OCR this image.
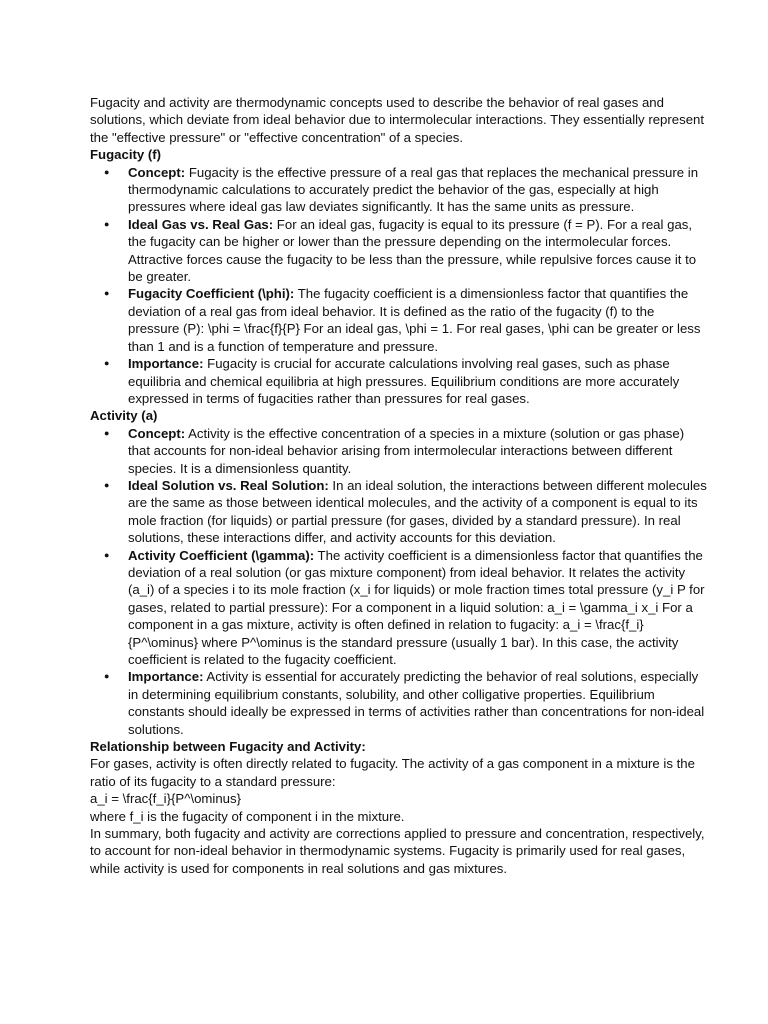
Fugacity and activity are thermodynamic concepts used to describe the behavior of real gases and solutions, which deviate from ideal behavior due to intermolecular interactions. They essentially represent the "effective pressure" or "effective concentration" of a species.

Fugacity (f)

● Concept: Fugacity is the effective pressure of a real gas that replaces the mechanical pressure in thermodynamic calculations to accurately predict the behavior of the gas, especially at high pressures where ideal gas law deviates significantly. It has the same units as pressure.
● Ideal Gas vs. Real Gas: For an ideal gas, fugacity is equal to its pressure (f = P). For a real gas, the fugacity can be higher or lower than the pressure depending on the intermolecular forces. Attractive forces cause the fugacity to be less than the pressure, while repulsive forces cause it to be greater.
● Fugacity Coefficient (\phi): The fugacity coefficient is a dimensionless factor that quantifies the deviation of a real gas from ideal behavior. It is defined as the ratio of the fugacity (f) to the pressure (P): \phi = \frac{f}{P} For an ideal gas, \phi = 1. For real gases, \phi can be greater or less than 1 and is a function of temperature and pressure.
● Importance: Fugacity is crucial for accurate calculations involving real gases, such as phase equilibria and chemical equilibria at high pressures. Equilibrium conditions are more accurately expressed in terms of fugacities rather than pressures for real gases.

Activity (a)

● Concept: Activity is the effective concentration of a species in a mixture (solution or gas phase) that accounts for non-ideal behavior arising from intermolecular interactions between different species. It is a dimensionless quantity.
● Ideal Solution vs. Real Solution: In an ideal solution, the interactions between different molecules are the same as those between identical molecules, and the activity of a component is equal to its mole fraction (for liquids) or partial pressure (for gases, divided by a standard pressure). In real solutions, these interactions differ, and activity accounts for this deviation.
● Activity Coefficient (\gamma): The activity coefficient is a dimensionless factor that quantifies the deviation of a real solution (or gas mixture component) from ideal behavior. It relates the activity (a_i) of a species i to its mole fraction (x_i for liquids) or mole fraction times total pressure (y_i P for gases, related to partial pressure): For a component in a liquid solution: a_i = \gamma_i x_i For a component in a gas mixture, activity is often defined in relation to fugacity: a_i = \frac{f_i}{P^\ominus} where P^\ominus is the standard pressure (usually 1 bar). In this case, the activity coefficient is related to the fugacity coefficient.
● Importance: Activity is essential for accurately predicting the behavior of real solutions, especially in determining equilibrium constants, solubility, and other colligative properties. Equilibrium constants should ideally be expressed in terms of activities rather than concentrations for non-ideal solutions.

Relationship between Fugacity and Activity:

For gases, activity is often directly related to fugacity. The activity of a gas component in a mixture is the ratio of its fugacity to a standard pressure:

a_i = \frac{f_i}{P^\ominus}

where f_i is the fugacity of component i in the mixture.

In summary, both fugacity and activity are corrections applied to pressure and concentration, respectively, to account for non-ideal behavior in thermodynamic systems. Fugacity is primarily used for real gases, while activity is used for components in real solutions and gas mixtures.
